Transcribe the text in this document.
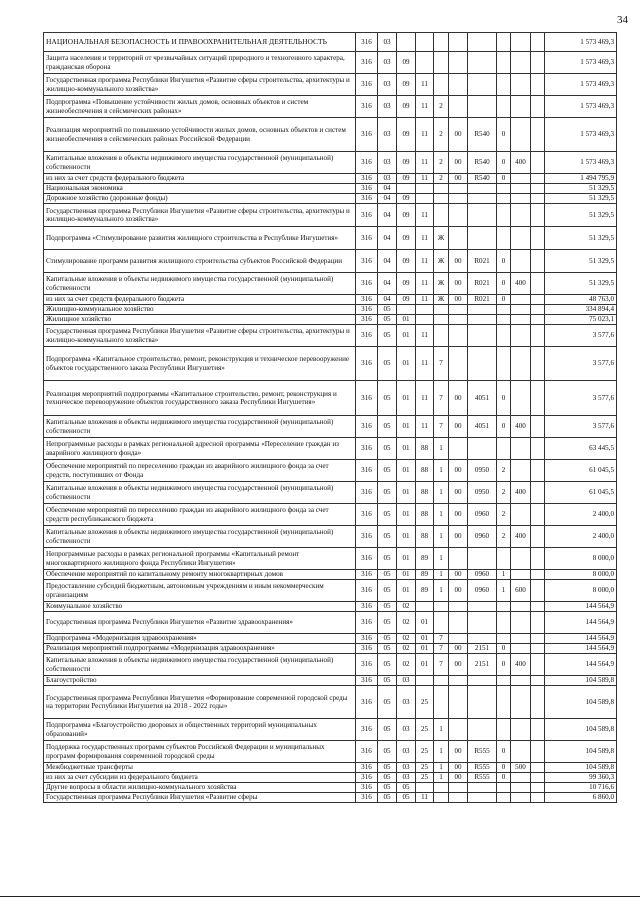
34
НАЦИОНАЛЬНАЯ БЕЗОПАСНОСТЬ И ПРАВООХРАНИТЕЛЬНАЯ ДЕЯТЕЛЬНОСТЬ	316	03									1 573 469,3
Защита населения и территорий от чрезвычайных ситуаций природного и техногенного характера, гражданская оборона	316	03	09								1 573 469,3
Государственная программа Республики Ингушетия «Развитие сферы строительства, архитектуры и жилищно-коммунального хозяйства»	316	03	09	11							1 573 469,3
Подпрограмма «Повышение устойчивости жилых домов, основных объектов и систем жизнеобеспечения в сейсмических районах»	316	03	09	11	2						1 573 469,3
Реализация мероприятий по повышению устойчивости жилых домов, основных объектов и систем жизнеобеспечения в сейсмических районах Российской Федерации	316	03	09	11	2	00	R540	0			1 573 469,3
Капитальные вложения в объекты недвижимого имущества государственной (муниципальной) собственности	316	03	09	11	2	00	R540	0	400		1 573 469,3
из них за счет средств федерального бюджета	316	03	09	11	2	00	R540	0			1 494 795,9
Национальная экономика	316	04									51 329,5
Дорожное хозяйство (дорожные фонды)	316	04	09								51 329,5
Государственная программа Республики Ингушетия «Развитие сферы строительства, архитектуры и жилищно-коммунального хозяйства»	316	04	09	11							51 329,5
Подпрограмма «Стимулирование развития жилищного строительства в Республике Ингушетия»	316	04	09	11	Ж						51 329,5
Стимулирование программ развития жилищного строительства субъектов Российской Федерации	316	04	09	11	Ж	00	R021	0			51 329,5
Капитальные вложения в объекты недвижимого имущества государственной (муниципальной) собственности	316	04	09	11	Ж	00	R021	0	400		51 329,5
из них за счет средств федерального бюджета	316	04	09	11	Ж	00	R021	0			48 763,0
Жилищно-коммунальное хозяйство	316	05									334 894,4
Жилищное хозяйство	316	05	01								75 023,1
Государственная программа Республики Ингушетия «Развитие сферы строительства, архитектуры и жилищно-коммунального хозяйства»	316	05	01	11							3 577,6
Подпрограмма «Капитальное строительство, ремонт, реконструкция и техническое перевооружение объектов государственного заказа Республики Ингушетия»	316	05	01	11	7						3 577,6
Реализация мероприятий подпрограммы «Капитальное строительство, ремонт, реконструкция и техническое перевооружение объектов государственного заказа Республики Ингушетия»	316	05	01	11	7	00	4051	0			3 577,6
Капитальные вложения в объекты недвижимого имущества государственной (муниципальной) собственности	316	05	01	11	7	00	4051	0	400		3 577,6
Непрограммные расходы в рамках региональной адресной программы «Переселение граждан из аварийного жилищного фонда»	316	05	01	88	1						63 445,5
Обеспечение мероприятий по переселению граждан из аварийного жилищного фонда за счет средств, поступивших от Фонда	316	05	01	88	1	00	0950	2			61 045,5
Капитальные вложения в объекты недвижимого имущества государственной (муниципальной) собственности	316	05	01	88	1	00	0950	2	400		61 045,5
Обеспечение мероприятий по переселению граждан из аварийного жилищного фонда за счет средств республиканского бюджета	316	05	01	88	1	00	0960	2			2 400,0
Капитальные вложения в объекты недвижимого имущества государственной (муниципальной) собственности	316	05	01	88	1	00	0960	2	400		2 400,0
Непрограммные расходы в рамках региональной программы «Капитальный ремонт многоквартирного жилищного фонда Республики Ингушетия»	316	05	01	89	1						8 000,0
Обеспечение мероприятий по капитальному ремонту многоквартирных домов	316	05	01	89	1	00	0960	1			8 000,0
Предоставление субсидий бюджетным, автономным учреждениям и иным некоммерческим организациям	316	05	01	89	1	00	0960	1	600		8 000,0
Коммунальное хозяйство	316	05	02								144 564,9
Государственная программа Республики Ингушетия «Развитие здравоохранения»	316	05	02	01							144 564,9
Подпрограмма «Модернизация здравоохранения»	316	05	02	01	7						144 564,9
Реализация мероприятий подпрограммы «Модернизация здравоохранения»	316	05	02	01	7	00	2151	0			144 564,9
Капитальные вложения в объекты недвижимого имущества государственной (муниципальной) собственности	316	05	02	01	7	00	2151	0	400		144 564,9
Благоустройство	316	05	03								104 589,8
Государственная программа Республики Ингушетия «Формирование современной городской среды на территории Республики Ингушетия на 2018 - 2022 годы»	316	05	03	25							104 589,8
Подпрограмма «Благоустройство дворовых и общественных территорий муниципальных образований»	316	05	03	25	1						104 589,8
Поддержка государственных программ субъектов Российской Федерации и муниципальных программ формирования современной городской среды	316	05	03	25	1	00	R555	0			104 589,8
Межбюджетные трансферты	316	05	03	25	1	00	R555	0	500		104 589,8
из них за счет субсидии из федерального бюджета	316	05	03	25	1	00	R555	0			99 360,3
Другие вопросы в области жилищно-коммунального хозяйства	316	05	05								10 716,6
Государственная программа Республики Ингушетия «Развитие сферы	316	05	05	11							6 860,0
